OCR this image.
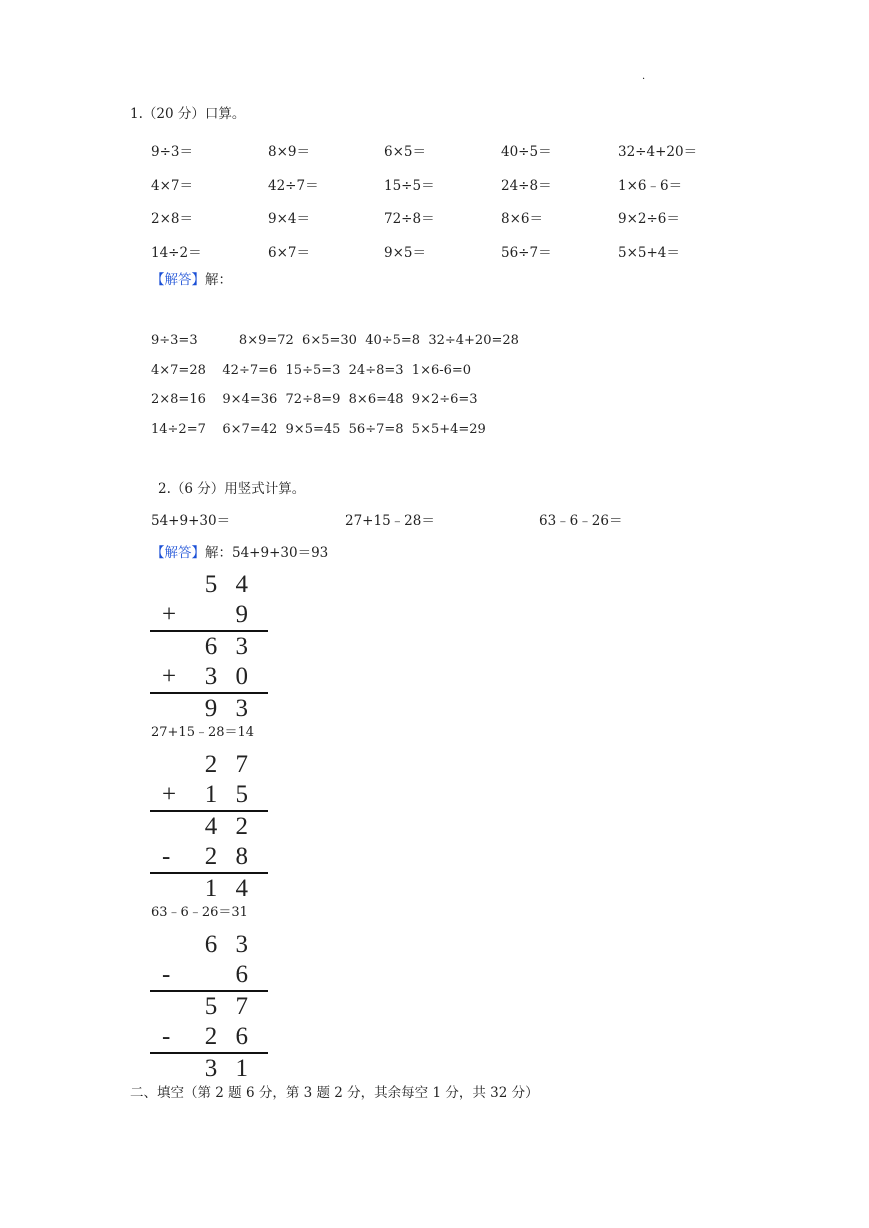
·
1.（20 分）口算。
9÷3＝	8×9＝	6×5＝	40÷5＝	32÷4+20＝
4×7＝	42÷7＝	15÷5＝	24÷8＝	1×6﹣6＝
2×8＝	9×4＝	72÷8＝	8×6＝	9×2÷6＝
14÷2＝	6×7＝	9×5＝	56÷7＝	5×5+4＝
【解答】解：
9÷3=3          8×9=72  6×5=30  40÷5=8  32÷4+20=28
4×7=28    42÷7=6  15÷5=3  24÷8=3  1×6-6=0
2×8=16    9×4=36  72÷8=9  8×6=48  9×2÷6=3
14÷2=7    6×7=42  9×5=45  56÷7=8  5×5+4=29
2.（6 分）用竖式计算。
54+9+30＝	27+15﹣28＝	63﹣6﹣26＝
【解答】解：54+9+30＝93
5 4
+ 9
6 3
+ 3 0
9 3
27+15﹣28＝14
2 7
+ 1 5
4 2
- 2 8
1 4
63﹣6﹣26＝31
6 3
-	6
5 7
- 2 6
3 1
二、填空（第 2 题 6 分，第 3 题 2 分，其余每空 1 分，共 32 分）
